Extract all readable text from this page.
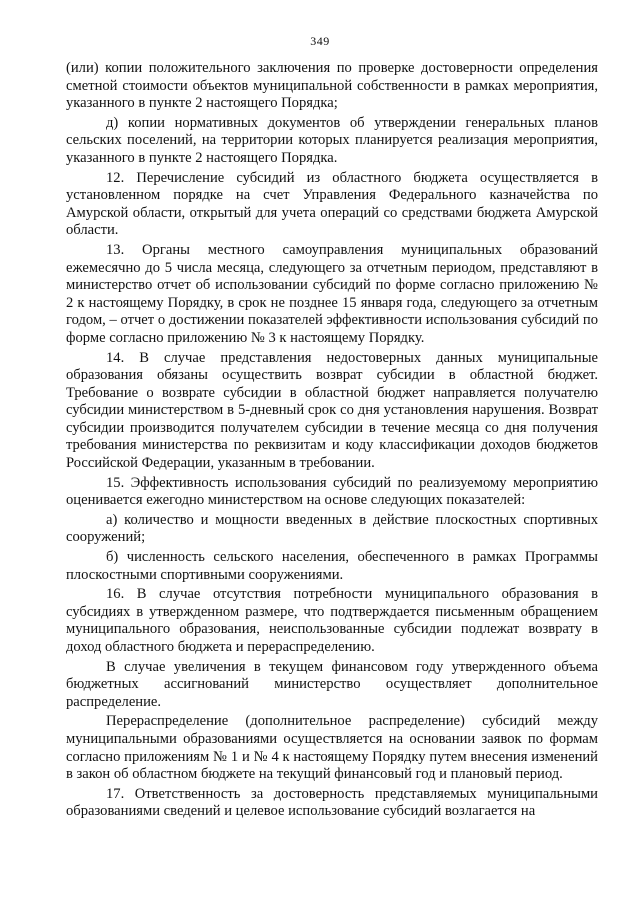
349

(или) копии положительного заключения по проверке достоверности определения сметной стоимости объектов муниципальной собственности в рамках мероприятия, указанного в пункте 2 настоящего Порядка;

д) копии нормативных документов об утверждении генеральных планов сельских поселений, на территории которых планируется реализация мероприятия, указанного в пункте 2 настоящего Порядка.

12. Перечисление субсидий из областного бюджета осуществляется в установленном порядке на счет Управления Федерального казначейства по Амурской области, открытый для учета операций со средствами бюджета Амурской области.

13. Органы местного самоуправления муниципальных образований ежемесячно до 5 числа месяца, следующего за отчетным периодом, представляют в министерство отчет об использовании субсидий по форме согласно приложению № 2 к настоящему Порядку, в срок не позднее 15 января года, следующего за отчетным годом, – отчет о достижении показателей эффективности использования субсидий по форме согласно приложению № 3 к настоящему Порядку.

14. В случае представления недостоверных данных муниципальные образования обязаны осуществить возврат субсидии в областной бюджет. Требование о возврате субсидии в областной бюджет направляется получателю субсидии министерством в 5-дневный срок со дня установления нарушения. Возврат субсидии производится получателем субсидии в течение месяца со дня получения требования министерства по реквизитам и коду классификации доходов бюджетов Российской Федерации, указанным в требовании.

15. Эффективность использования субсидий по реализуемому мероприятию оценивается ежегодно министерством на основе следующих показателей:

а) количество и мощности введенных в действие плоскостных спортивных сооружений;

б) численность сельского населения, обеспеченного в рамках Программы плоскостными спортивными сооружениями.

16. В случае отсутствия потребности муниципального образования в субсидиях в утвержденном размере, что подтверждается письменным обращением муниципального образования, неиспользованные субсидии подлежат возврату в доход областного бюджета и перераспределению.

В случае увеличения в текущем финансовом году утвержденного объема бюджетных ассигнований министерство осуществляет дополнительное распределение.

Перераспределение (дополнительное распределение) субсидий между муниципальными образованиями осуществляется на основании заявок по формам согласно приложениям № 1 и № 4 к настоящему Порядку путем внесения изменений в закон об областном бюджете на текущий финансовый год и плановый период.

17. Ответственность за достоверность представляемых муниципальными образованиями сведений и целевое использование субсидий возлагается на
